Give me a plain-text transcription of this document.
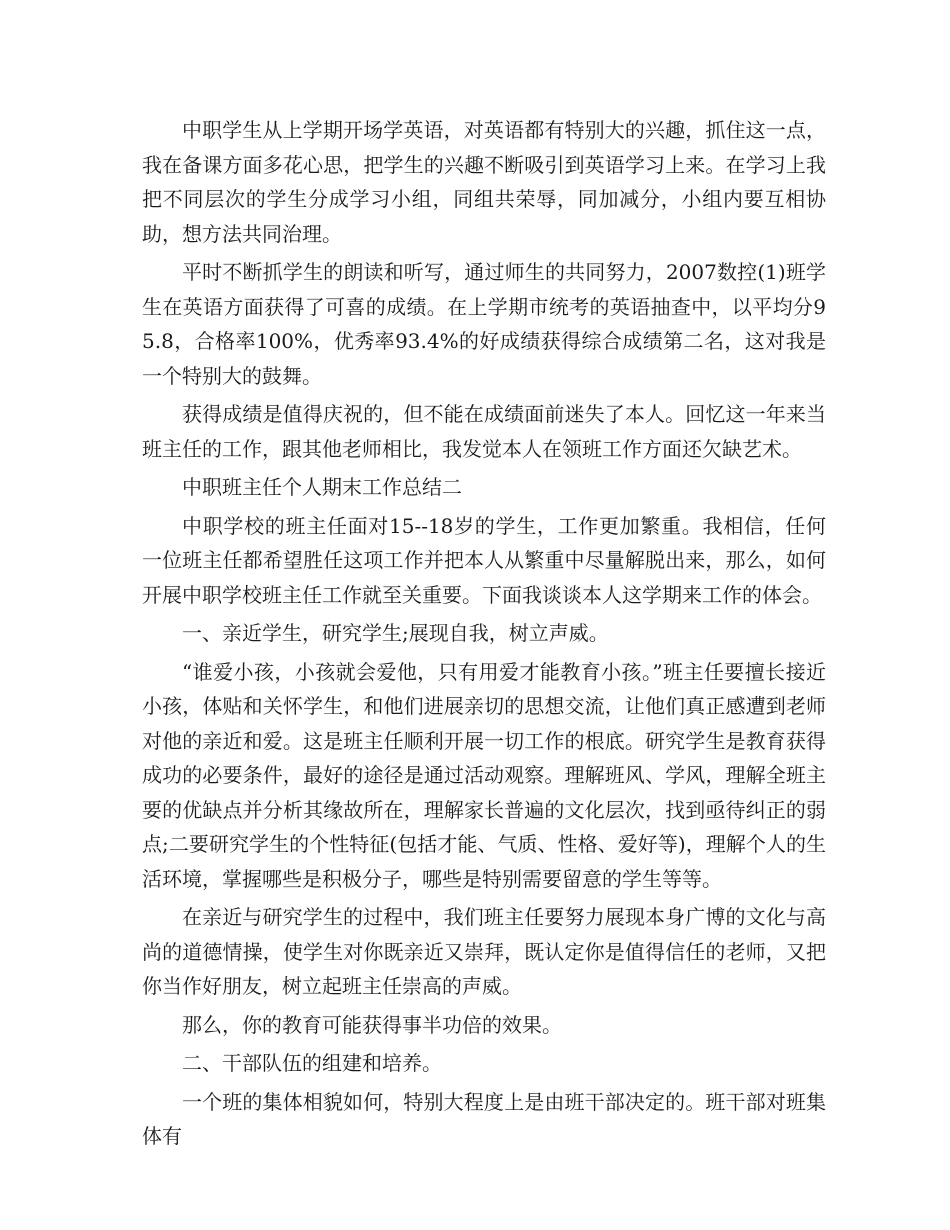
中职学生从上学期开场学英语，对英语都有特别大的兴趣，抓住这一点，我在备课方面多花心思，把学生的兴趣不断吸引到英语学习上来。在学习上我把不同层次的学生分成学习小组，同组共荣辱，同加减分，小组内要互相协助，想方法共同治理。

平时不断抓学生的朗读和听写，通过师生的共同努力，2007数控(1)班学生在英语方面获得了可喜的成绩。在上学期市统考的英语抽查中，以平均分95.8，合格率100%，优秀率93.4%的好成绩获得综合成绩第二名，这对我是一个特别大的鼓舞。

获得成绩是值得庆祝的，但不能在成绩面前迷失了本人。回忆这一年来当班主任的工作，跟其他老师相比，我发觉本人在领班工作方面还欠缺艺术。

中职班主任个人期末工作总结二

中职学校的班主任面对15--18岁的学生，工作更加繁重。我相信，任何一位班主任都希望胜任这项工作并把本人从繁重中尽量解脱出来，那么，如何开展中职学校班主任工作就至关重要。下面我谈谈本人这学期来工作的体会。

一、亲近学生，研究学生;展现自我，树立声威。

“谁爱小孩，小孩就会爱他，只有用爱才能教育小孩。”班主任要擅长接近小孩，体贴和关怀学生，和他们进展亲切的思想交流，让他们真正感遭到老师对他的亲近和爱。这是班主任顺利开展一切工作的根底。研究学生是教育获得成功的必要条件，最好的途径是通过活动观察。理解班风、学风，理解全班主要的优缺点并分析其缘故所在，理解家长普遍的文化层次，找到亟待纠正的弱点;二要研究学生的个性特征(包括才能、气质、性格、爱好等)，理解个人的生活环境，掌握哪些是积极分子，哪些是特别需要留意的学生等等。

在亲近与研究学生的过程中，我们班主任要努力展现本身广博的文化与高尚的道德情操，使学生对你既亲近又崇拜，既认定你是值得信任的老师，又把你当作好朋友，树立起班主任崇高的声威。

那么，你的教育可能获得事半功倍的效果。

二、干部队伍的组建和培养。

一个班的集体相貌如何，特别大程度上是由班干部决定的。班干部对班集体有
